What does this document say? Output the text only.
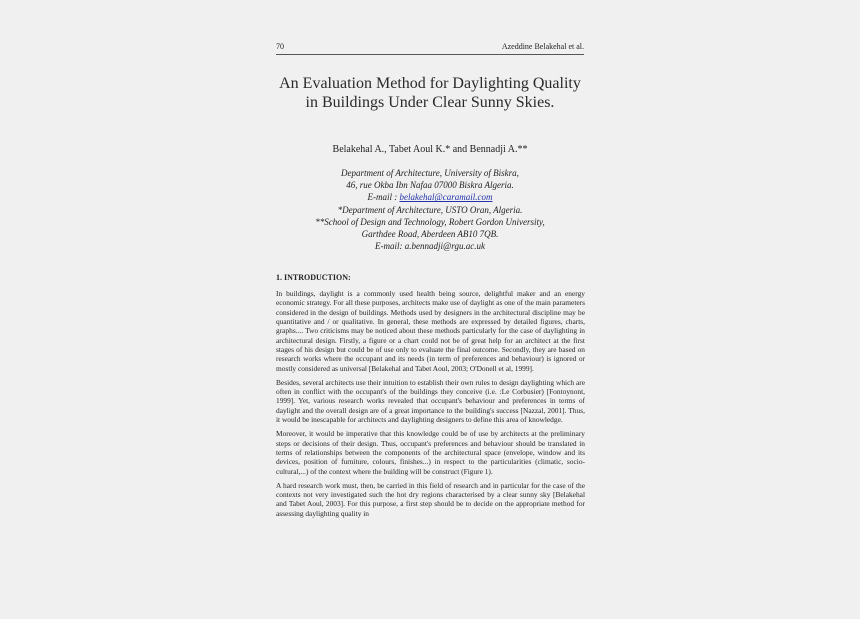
70	Azeddine Belakehal et al.
An Evaluation Method for Daylighting Quality in Buildings Under Clear Sunny Skies.
Belakehal A., Tabet Aoul K.* and Bennadji A.**
Department of Architecture, University of Biskra,
46, rue Okba Ibn Nafaa 07000 Biskra Algeria.
E-mail : belakehal@caramail.com
*Department of Architecture, USTO Oran, Algeria.
**School of Design and Technology, Robert Gordon University,
Garthdee Road, Aberdeen AB10 7QB.
E-mail: a.bennadji@rgu.ac.uk
1. INTRODUCTION:

In buildings, daylight is a commonly used health being source, delightful maker and an energy economic strategy. For all these purposes, architects make use of daylight as one of the main parameters considered in the design of buildings. Methods used by designers in the architectural discipline may be quantitative and / or qualitative. In general, these methods are expressed by detailed figures, charts, graphs.... Two criticisms may be noticed about these methods particularly for the case of daylighting in architectural design. Firstly, a figure or a chart could not be of great help for an architect at the first stages of his design but could be of use only to evaluate the final outcome. Secondly, they are based on research works where the occupant and its needs (in term of preferences and behaviour) is ignored or mostly considered as universal [Belakehal and Tabet Aoul, 2003; O'Donell et al, 1999].

Besides, several architects use their intuition to establish their own rules to design daylighting which are often in conflict with the occupant's of the buildings they conceive (i.e. :Le Corbusier) [Fontoynont, 1999]. Yet, various research works revealed that occupant's behaviour and preferences in terms of daylight and the overall design are of a great importance to the building's success [Nazzal, 2001]. Thus, it would be inescapable for architects and daylighting designers to define this area of knowledge.

Moreover, it would be imperative that this knowledge could be of use by architects at the preliminary steps or decisions of their design. Thus, occupant's preferences and behaviour should be translated in terms of relationships between the components of the architectural space (envelope, window and its devices, position of furniture, colours, finishes...) in respect to the particularities (climatic, socio-cultural,...) of the context where the building will be construct (Figure 1).

A hard research work must, then, be carried in this field of research and in particular for the case of the contexts not very investigated such the hot dry regions characterised by a clear sunny sky [Belakehal and Tabet Aoul, 2003]. For this purpose, a first step should be to decide on the appropriate method for assessing daylighting quality in
